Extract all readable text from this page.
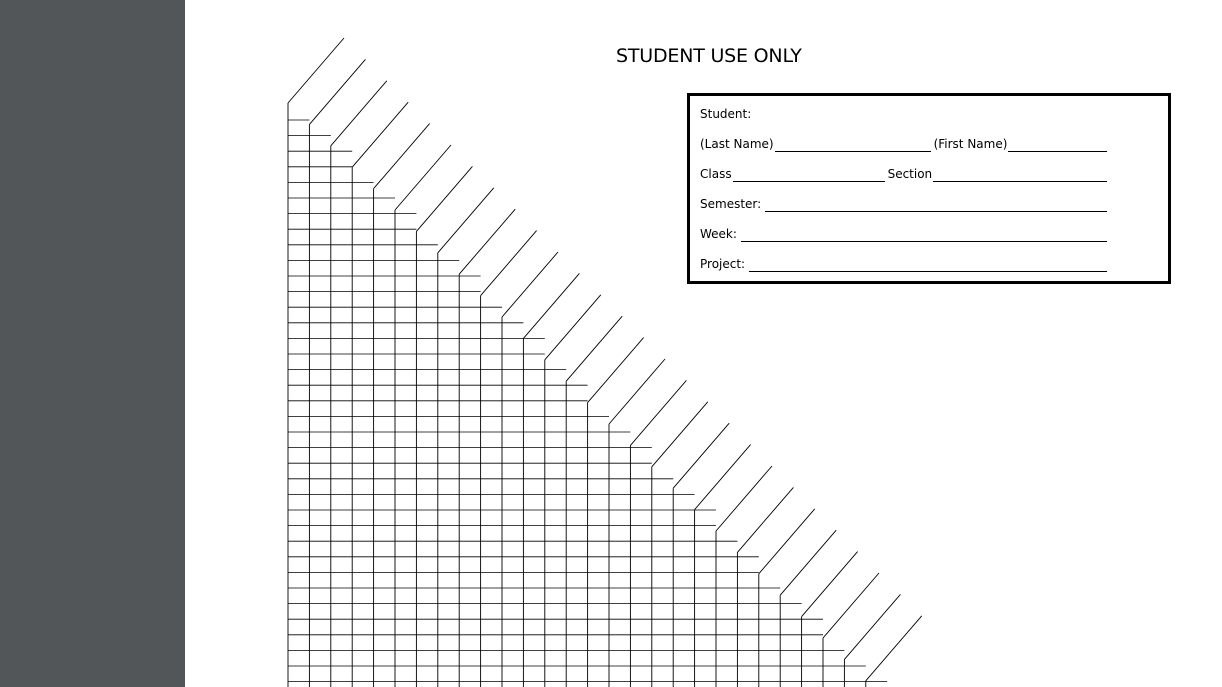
STUDENT USE ONLY
Student:
(Last Name)	(First Name)
Class	Section
Semester:
Week:
Project:
